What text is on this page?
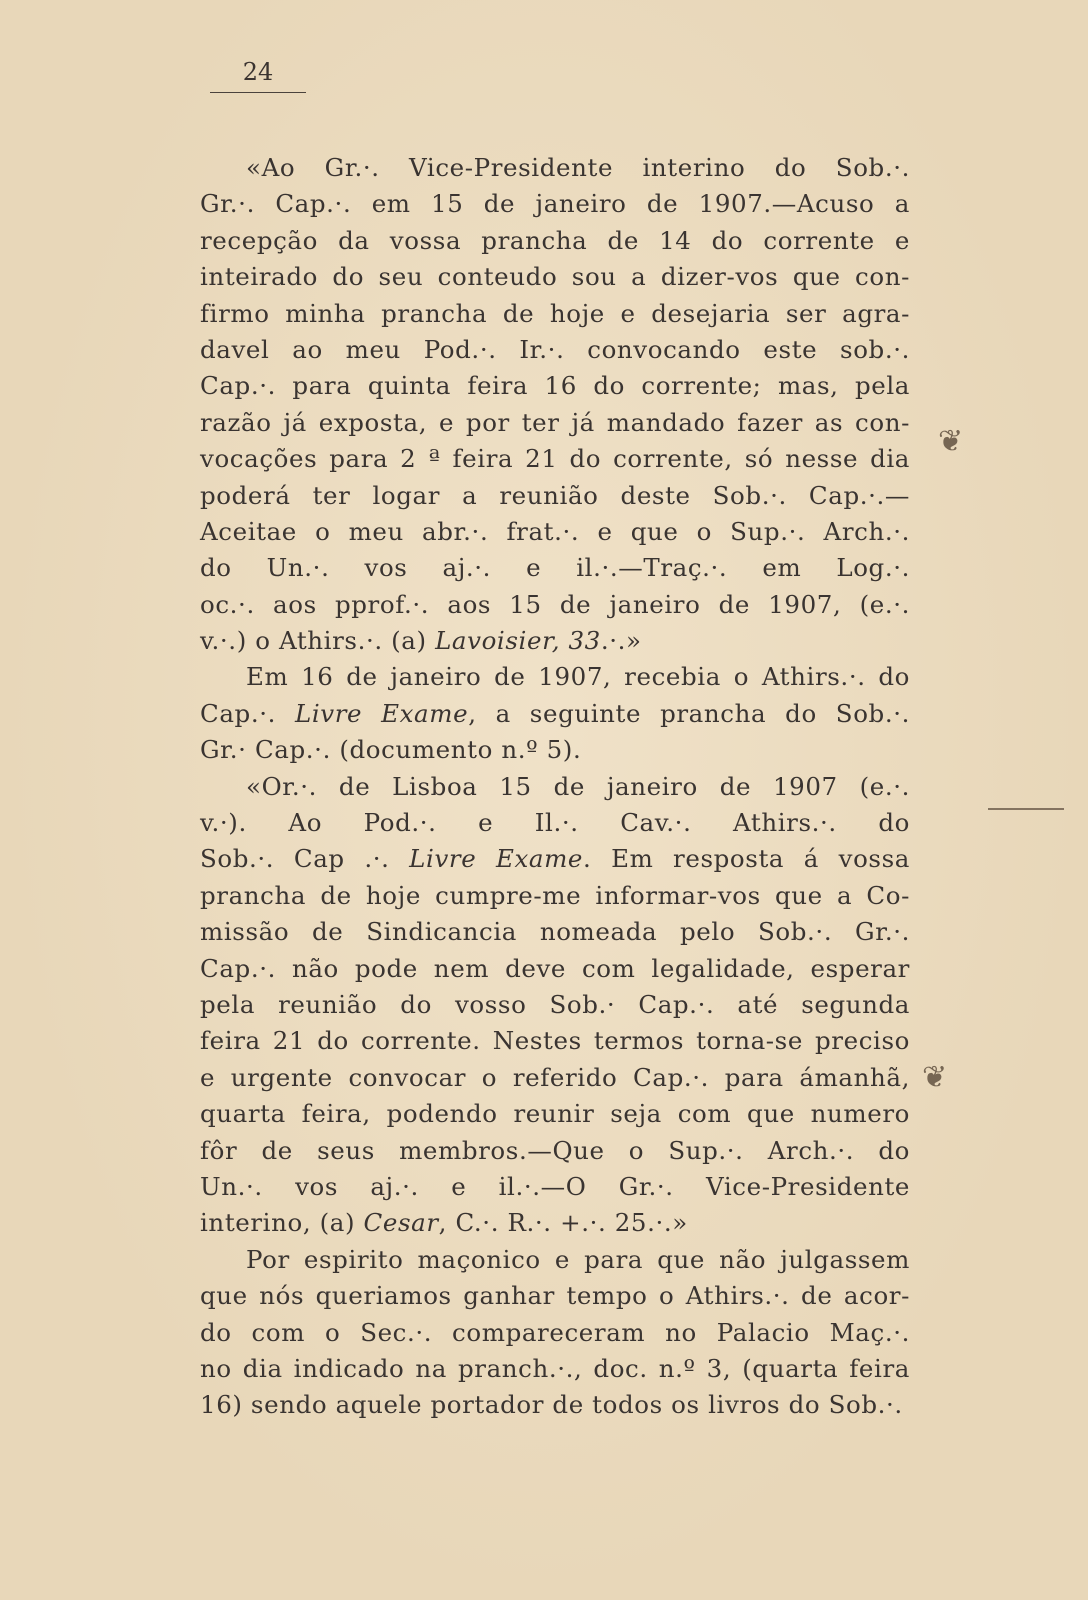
24
❦
❦
«Ao Gr.·. Vice-Presidente interino do Sob.·.
Gr.·. Cap.·. em 15 de janeiro de 1907.—Acuso a
recepção da vossa prancha de 14 do corrente e
inteirado do seu conteudo sou a dizer-vos que con-
firmo minha prancha de hoje e desejaria ser agra-
davel ao meu Pod.·. Ir.·. convocando este sob.·.
Cap.·. para quinta feira 16 do corrente; mas, pela
razão já exposta, e por ter já mandado fazer as con-
vocações para 2 ª feira 21 do corrente, só nesse dia
poderá ter logar a reunião deste Sob.·. Cap.·.—
Aceitae o meu abr.·. frat.·. e que o Sup.·. Arch.·.
do Un.·. vos aj.·. e il.·.—Traç.·. em Log.·.
oc.·. aos pprof.·. aos 15 de janeiro de 1907, (e.·.
v.·.) o Athirs.·. (a) Lavoisier, 33.·.»
Em 16 de janeiro de 1907, recebia o Athirs.·. do
Cap.·. Livre Exame, a seguinte prancha do Sob.·.
Gr.· Cap.·. (documento n.º 5).
«Or.·. de Lisboa 15 de janeiro de 1907 (e.·.
v.·). Ao Pod.·. e Il.·. Cav.·. Athirs.·. do
Sob.·. Cap .·. Livre Exame. Em resposta á vossa
prancha de hoje cumpre-me informar-vos que a Co-
missão de Sindicancia nomeada pelo Sob.·. Gr.·.
Cap.·. não pode nem deve com legalidade, esperar
pela reunião do vosso Sob.· Cap.·. até segunda
feira 21 do corrente. Nestes termos torna-se preciso
e urgente convocar o referido Cap.·. para ámanhã,
quarta feira, podendo reunir seja com que numero
fôr de seus membros.—Que o Sup.·. Arch.·. do
Un.·. vos aj.·. e il.·.—O Gr.·. Vice-Presidente
interino, (a) Cesar, C.·. R.·. +.·. 25.·.»
Por espirito maçonico e para que não julgassem
que nós queriamos ganhar tempo o Athirs.·. de acor-
do com o Sec.·. compareceram no Palacio Maç.·.
no dia indicado na pranch.·., doc. n.º 3, (quarta feira
16) sendo aquele portador de todos os livros do Sob.·.
